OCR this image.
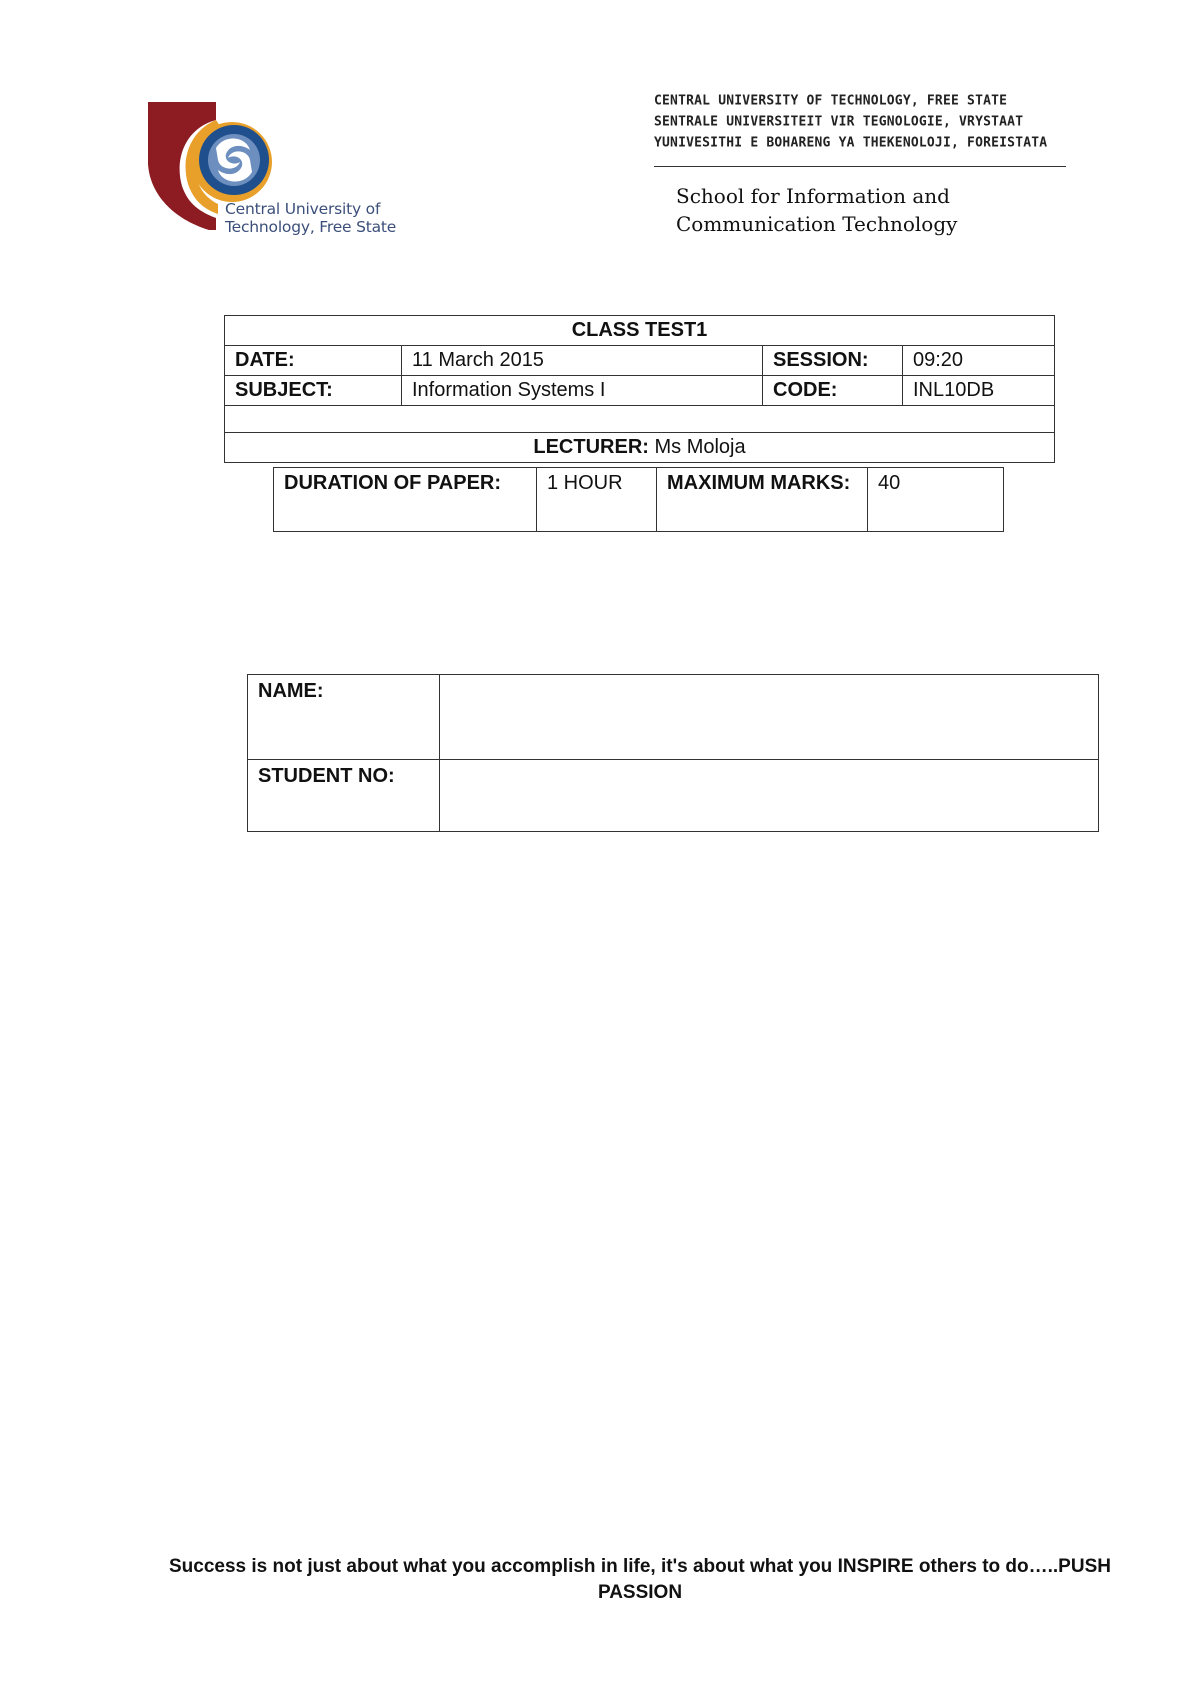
Central University of
Technology, Free State
CENTRAL UNIVERSITY OF TECHNOLOGY, FREE STATE
SENTRALE UNIVERSITEIT VIR TEGNOLOGIE, VRYSTAAT
YUNIVESITHI E BOHARENG YA THEKENOLOJI, FOREISTATA
School for Information and
Communication Technology
CLASS TEST1			
DATE:	11 March 2015	SESSION:	09:20
SUBJECT:	Information Systems I	CODE:	INL10DB

LECTURER: Ms Moloja			
DURATION OF PAPER:	1 HOUR	MAXIMUM MARKS:	40
NAME:	
STUDENT NO:	
Success is not just about what you accomplish in life, it's about what you INSPIRE others to do…..PUSH PASSION
